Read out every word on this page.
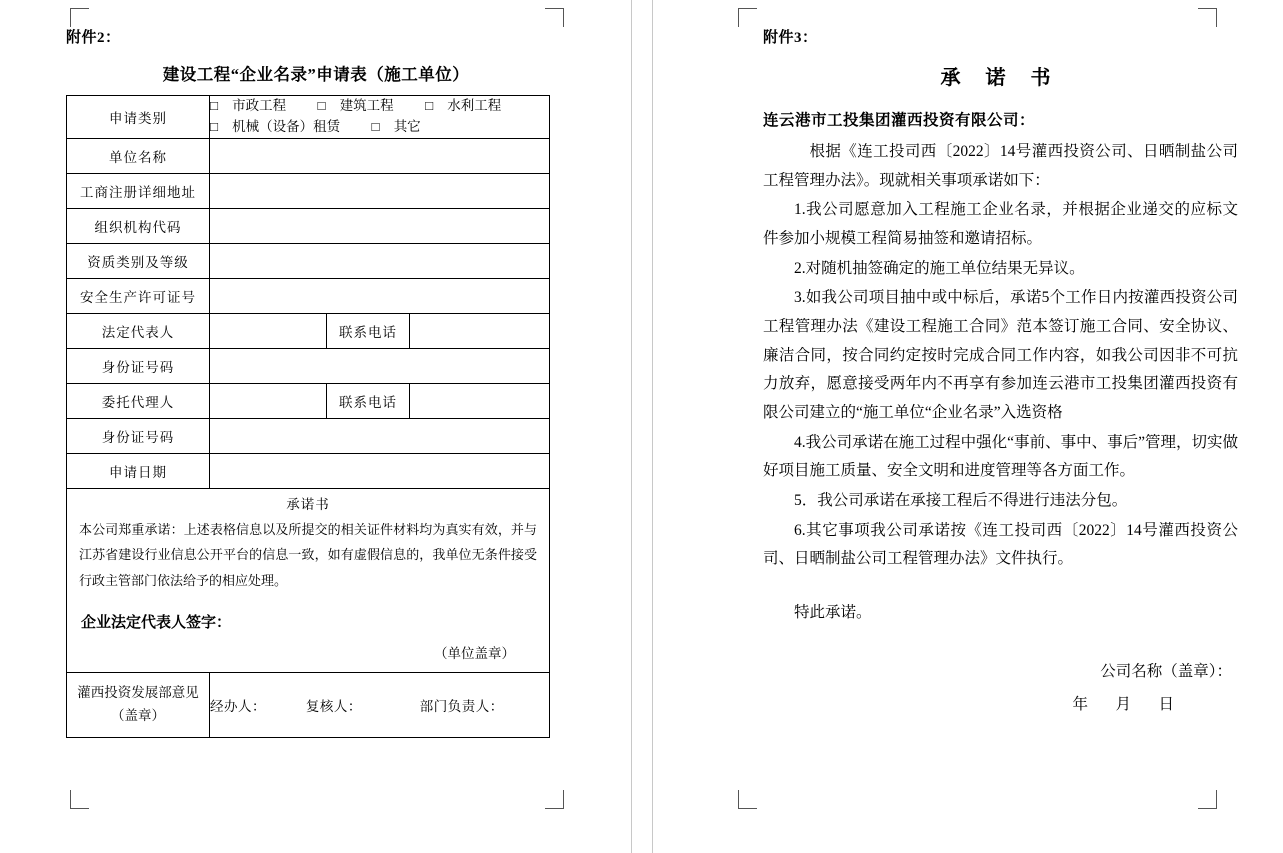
附件2：
建设工程“企业名录”申请表（施工单位）
申请类别	□ 市政工程 □ 建筑工程 □ 水利工程
□ 机械（设备）租赁 □ 其它		

单位名称			
工商注册详细地址			
组织机构代码			
资质类别及等级			
安全生产许可证号			
法定代表人		联系电话	
身份证号码			
委托代理人		联系电话	
身份证号码			
申请日期			

承诺书
本公司郑重承诺：上述表格信息以及所提交的相关证件材料均为真实有效，并与江苏省建设行业信息公开平台的信息一致，如有虚假信息的，我单位无条件接受行政主管部门依法给予的相应处理。
企业法定代表人签字：
（单位盖章）			

灌西投资发展部意见（盖章）	经办人： 复核人： 部门负责人：		
附件3：
承 诺 书
连云港市工投集团灌西投资有限公司：

根据《连工投司西〔2022〕14号灌西投资公司、日晒制盐公司工程管理办法》。现就相关事项承诺如下：

1.我公司愿意加入工程施工企业名录，并根据企业递交的应标文件参加小规模工程简易抽签和邀请招标。

2.对随机抽签确定的施工单位结果无异议。

3.如我公司项目抽中或中标后，承诺5个工作日内按灌西投资公司工程管理办法《建设工程施工合同》范本签订施工合同、安全协议、廉洁合同，按合同约定按时完成合同工作内容，如我公司因非不可抗力放弃，愿意接受两年内不再享有参加连云港市工投集团灌西投资有限公司建立的“施工单位“企业名录”入选资格

4.我公司承诺在施工过程中强化“事前、事中、事后”管理，切实做好项目施工质量、安全文明和进度管理等各方面工作。

5．我公司承诺在承接工程后不得进行违法分包。

6.其它事项我公司承诺按《连工投司西〔2022〕14号灌西投资公司、日晒制盐公司工程管理办法》文件执行。

特此承诺。
公司名称（盖章）：
年　月　日
